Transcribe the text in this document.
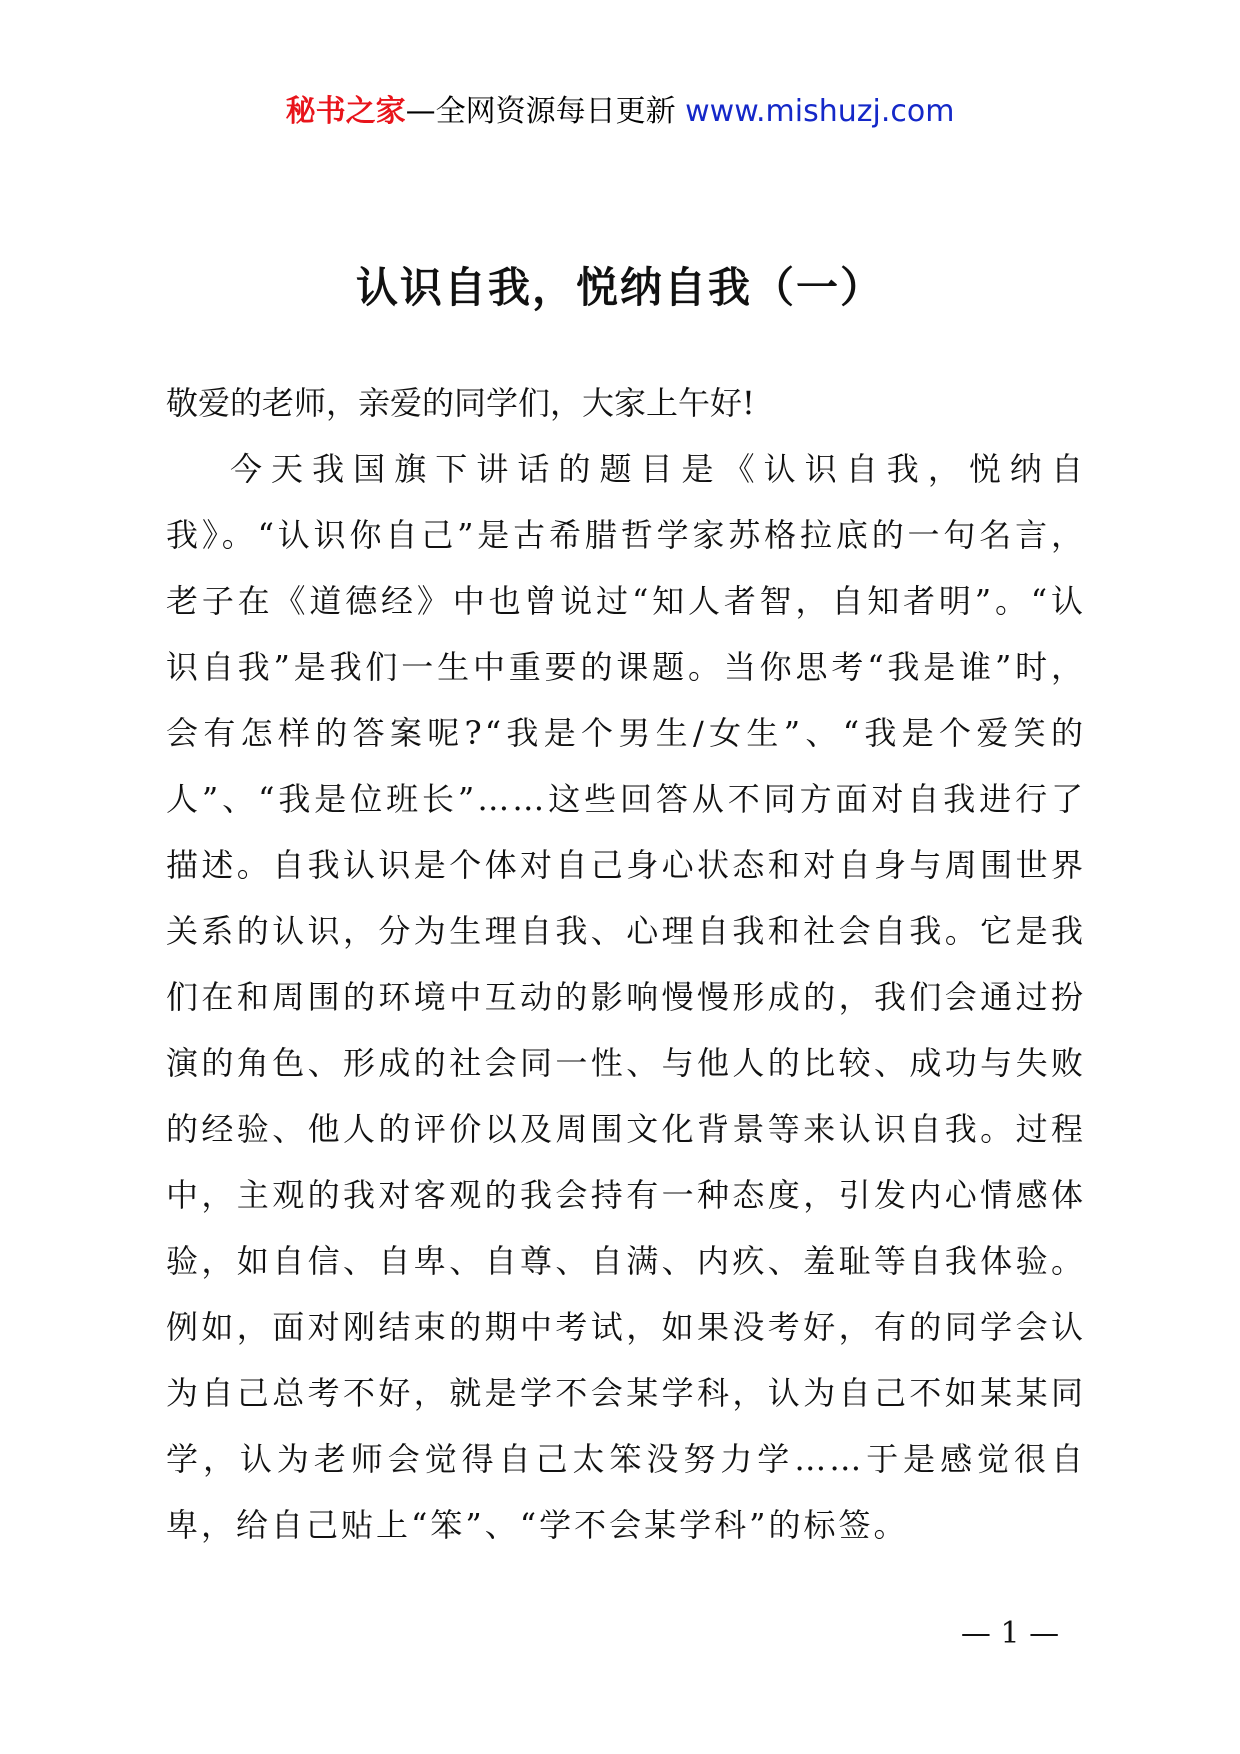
秘书之家—全网资源每日更新 www.mishuzj.com
认识自我，悦纳自我（一）

敬爱的老师，亲爱的同学们，大家上午好!

今天我国旗下讲话的题目是《认识自我，悦纳自我》。“认识你自己”是古希腊哲学家苏格拉底的一句名言，老子在《道德经》中也曾说过“知人者智，自知者明”。“认识自我”是我们一生中重要的课题。当你思考“我是谁”时，会有怎样的答案呢?“我是个男生/女生”、“我是个爱笑的人”、“我是位班长”……这些回答从不同方面对自我进行了描述。自我认识是个体对自己身心状态和对自身与周围世界关系的认识，分为生理自我、心理自我和社会自我。它是我们在和周围的环境中互动的影响慢慢形成的，我们会通过扮演的角色、形成的社会同一性、与他人的比较、成功与失败的经验、他人的评价以及周围文化背景等来认识自我。过程中，主观的我对客观的我会持有一种态度，引发内心情感体验，如自信、自卑、自尊、自满、内疚、羞耻等自我体验。例如，面对刚结束的期中考试，如果没考好，有的同学会认为自己总考不好，就是学不会某学科，认为自己不如某某同学，认为老师会觉得自己太笨没努力学……于是感觉很自卑，给自己贴上“笨”、“学不会某学科”的标签。

— 1 —
